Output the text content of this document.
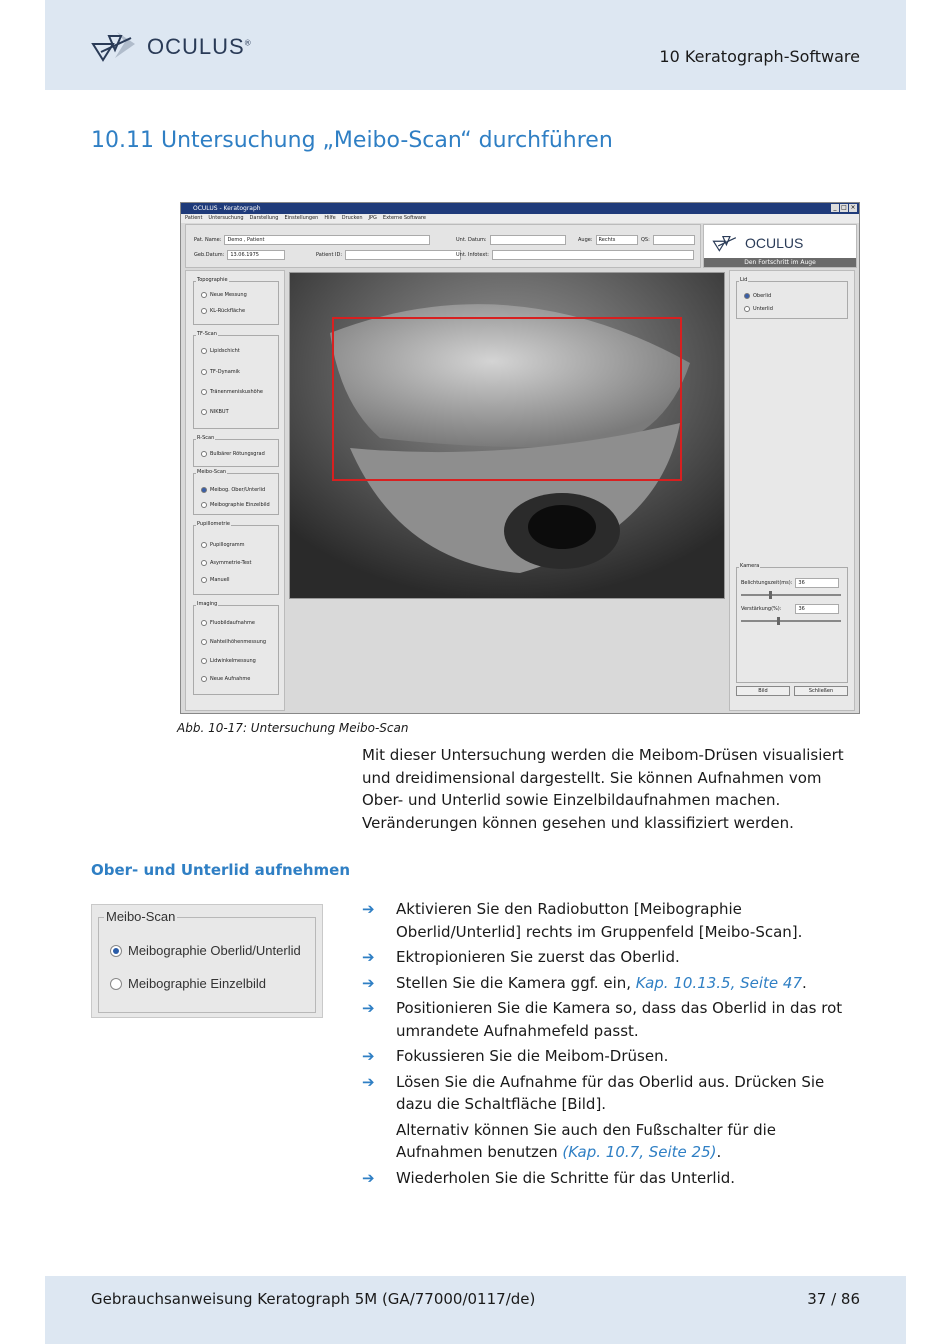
OCULUS®
10 Keratograph-Software
10.11 Untersuchung „Meibo-Scan“ durchführen
OCULUS - Keratograph	_ □ ×
Patient Untersuchung Darstellung Einstellungen Hilfe Drucken JPG Externe Software
Pat. Name:	Demo , Patient
Geb.Datum:	13.06.1975	Patient ID:
Unt. Datum:	Auge:	Rechts	QS:
Unt. Infotext:
OCULUS
Den Fortschritt im Auge
Topographie
Neue Messung
KL-Rückfläche
TF-Scan
Lipidschicht
TF-Dynamik
Tränenmeniskushöhe
NIKBUT
R-Scan
Bulbärer Rötungsgrad
Meibo-Scan
Meibog. Ober/Unterlid
Meibographie Einzelbild
Pupillometrie
Pupillogramm
Asymmetrie-Test
Manuell
Imaging
Fluobildaufnahme
Nahteilhöhenmessung
Lidwinkelmessung
Neue Aufnahme
Lid
Oberlid
Unterlid
Kamera
Belichtungszeit(ms):	36
Verstärkung(%):	36
Bild	Schließen
Abb. 10-17: Untersuchung Meibo-Scan
Mit dieser Untersuchung werden die Meibom-Drüsen visualisiert und dreidimensional dargestellt. Sie können Aufnahmen vom Ober- und Unterlid sowie Einzelbildaufnahmen machen. Veränderungen können gesehen und klassifiziert werden.
Ober- und Unterlid aufnehmen
Meibo-Scan
Meibographie Oberlid/Unterlid
Meibographie Einzelbild
➔	Aktivieren Sie den Radiobutton [Meibographie Oberlid/Unterlid] rechts im Gruppenfeld [Meibo-Scan].
➔	Ektropionieren Sie zuerst das Oberlid.
➔	Stellen Sie die Kamera ggf. ein, Kap. 10.13.5, Seite 47.
➔	Positionieren Sie die Kamera so, dass das Oberlid in das rot umrandete Aufnahmefeld passt.
➔	Fokussieren Sie die Meibom-Drüsen.
➔	Lösen Sie die Aufnahme für das Oberlid aus. Drücken Sie dazu die Schaltfläche [Bild].
Alternativ können Sie auch den Fußschalter für die Aufnahmen benutzen (Kap. 10.7, Seite 25).
➔	Wiederholen Sie die Schritte für das Unterlid.
Gebrauchsanweisung Keratograph 5M (GA/77000/0117/de)	37 / 86
